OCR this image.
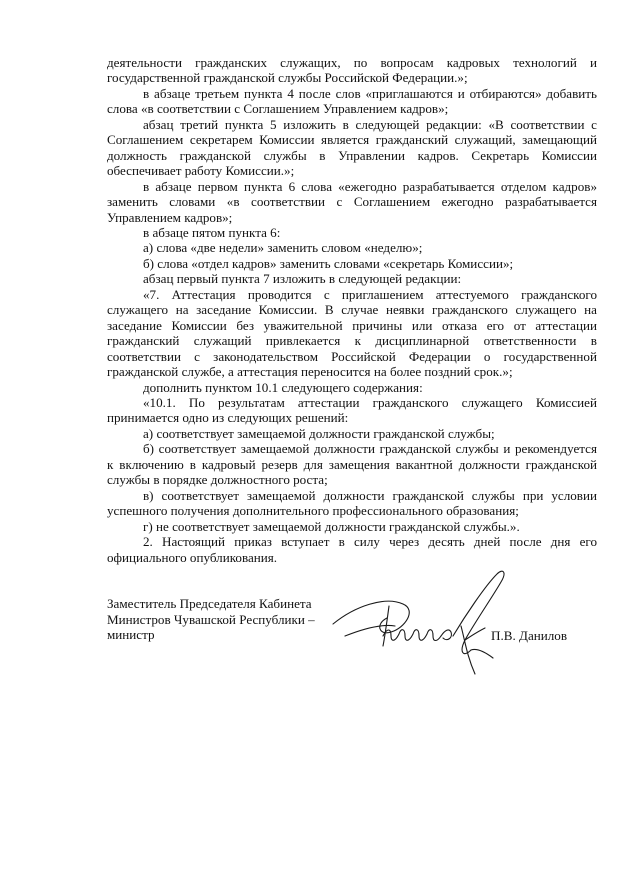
деятельности гражданских служащих, по вопросам кадровых технологий и государственной гражданской службы Российской Федерации.»;

в абзаце третьем пункта 4 после слов «приглашаются и отбираются» добавить слова «в соответствии с Соглашением Управлением кадров»;

абзац третий пункта 5 изложить в следующей редакции: «В соответствии с Соглашением секретарем Комиссии является гражданский служащий, замещающий должность гражданской службы в Управлении кадров. Секретарь Комиссии обеспечивает работу Комиссии.»;

в абзаце первом пункта 6 слова «ежегодно разрабатывается отделом кадров» заменить словами «в соответствии с Соглашением ежегодно разрабатывается Управлением кадров»;

в абзаце пятом пункта 6:

а) слова «две недели» заменить словом «неделю»;

б) слова «отдел кадров» заменить словами «секретарь Комиссии»;

абзац первый пункта 7 изложить в следующей редакции:

«7. Аттестация проводится с приглашением аттестуемого гражданского служащего на заседание Комиссии. В случае неявки гражданского служащего на заседание Комиссии без уважительной причины или отказа его от аттестации гражданский служащий привлекается к дисциплинарной ответственности в соответствии с законодательством Российской Федерации о государственной гражданской службе, а аттестация переносится на более поздний срок.»;

дополнить пунктом 10.1 следующего содержания:

«10.1. По результатам аттестации гражданского служащего Комиссией принимается одно из следующих решений:

а) соответствует замещаемой должности гражданской службы;

б) соответствует замещаемой должности гражданской службы и рекомендуется к включению в кадровый резерв для замещения вакантной должности гражданской службы в порядке должностного роста;

в) соответствует замещаемой должности гражданской службы при условии успешного получения дополнительного профессионального образования;

г) не соответствует замещаемой должности гражданской службы.».

2. Настоящий приказ вступает в силу через десять дней после дня его официального опубликования.

Заместитель Председателя Кабинета
Министров Чувашской Республики –
министр	П.В. Данилов
